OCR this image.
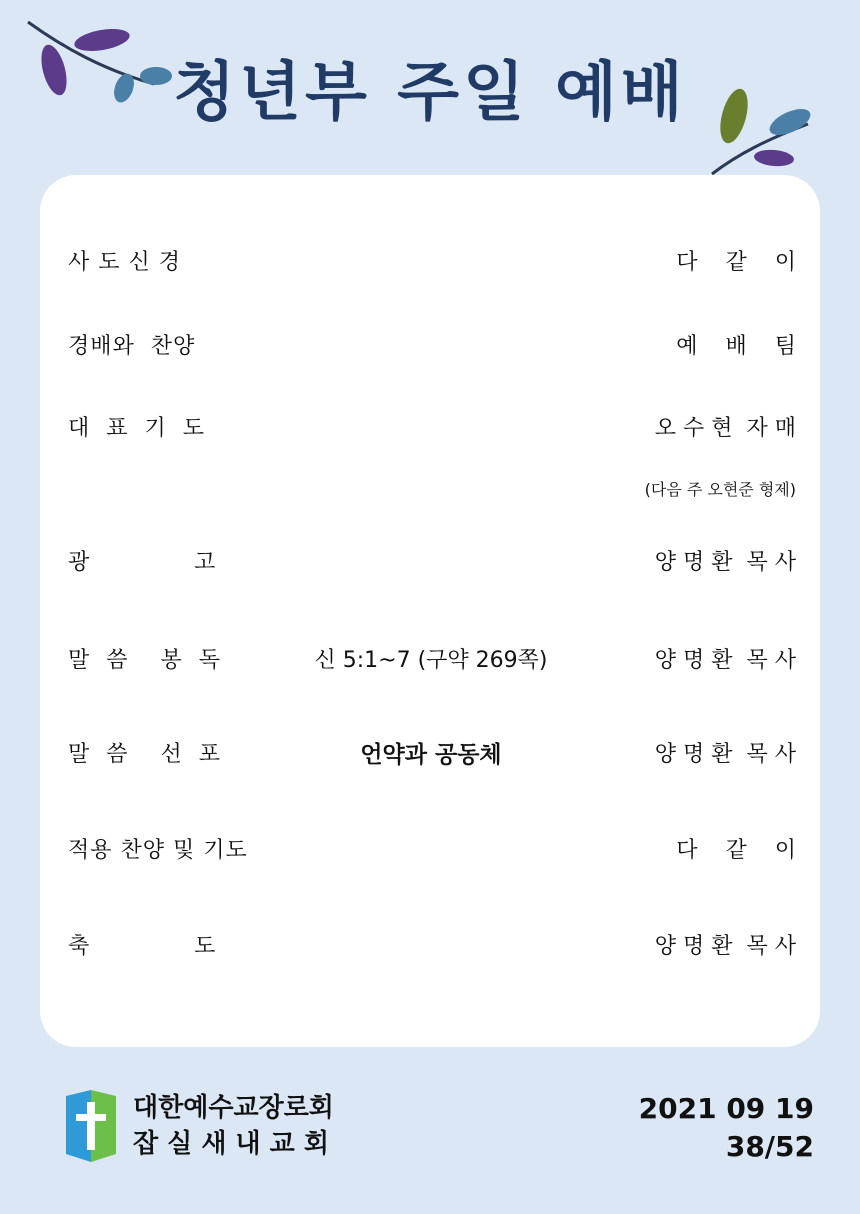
청년부 주일 예배
사 도 신 경	다    같    이
경배와  찬양	예    배    팀
대  표  기  도	오 수 현  자 매
(다음 주 오현준 형제)
광             고	양 명 환  목 사
말  씀    봉  독	신 5:1~7 (구약 269쪽)	양 명 환  목 사
말  씀    선  포	언약과 공동체	양 명 환  목 사
적용 찬양 및 기도	다    같    이
축             도	양 명 환  목 사
대한예수교장로회
잡 실 새 내 교 회
2021 09 19
38/52
